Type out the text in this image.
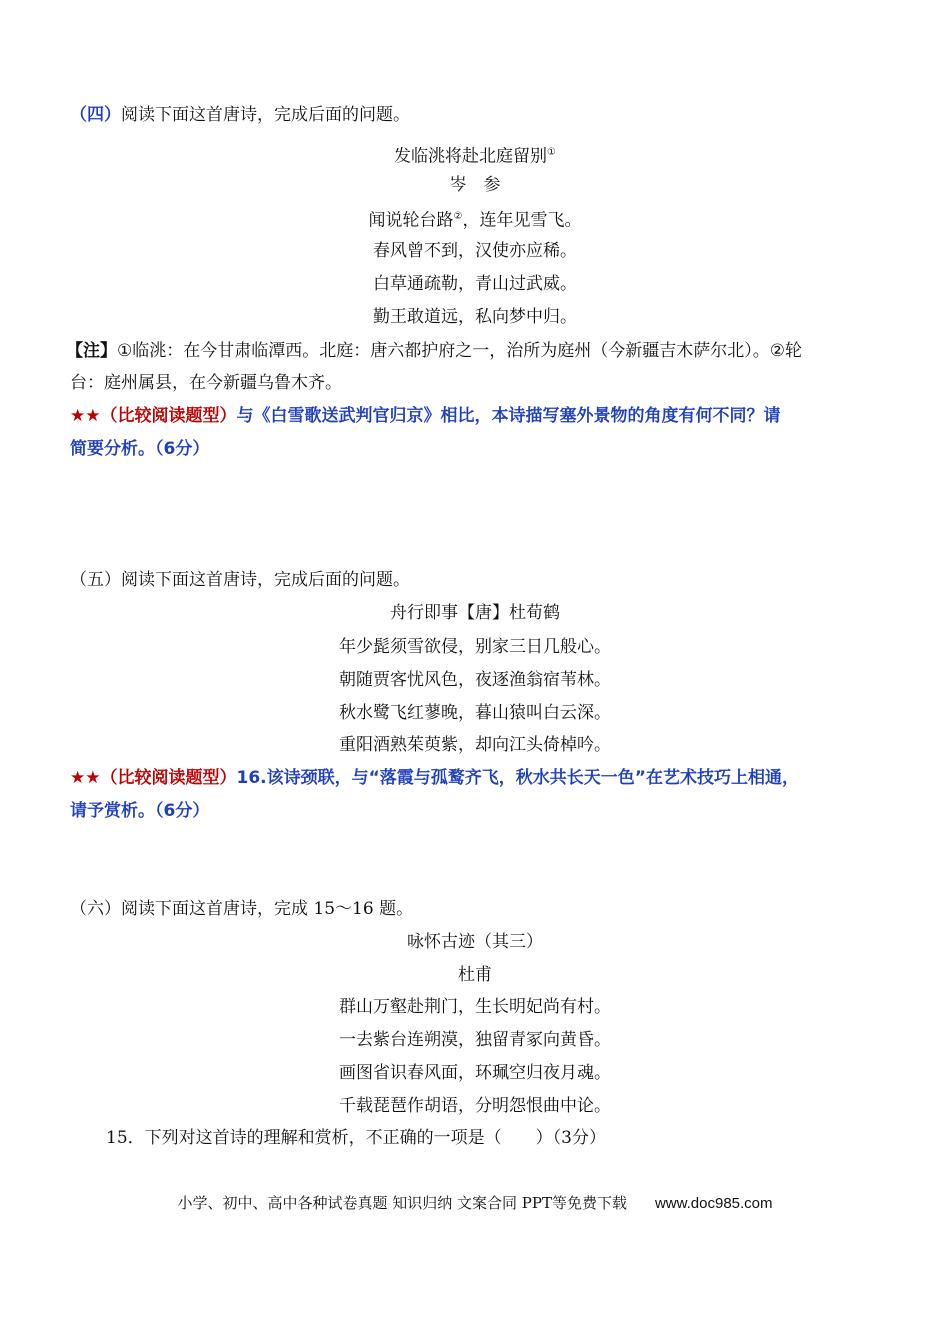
（四）阅读下面这首唐诗，完成后面的问题。
发临洮将赴北庭留别①
岑　参
闻说轮台路②，连年见雪飞。
春风曾不到，汉使亦应稀。
白草通疏勒，青山过武威。
勤王敢道远，私向梦中归。
【注】①临洮：在今甘肃临潭西。北庭：唐六都护府之一，治所为庭州（今新疆吉木萨尔北）。②轮
台：庭州属县，在今新疆乌鲁木齐。
★★（比较阅读题型）与《白雪歌送武判官归京》相比，本诗描写塞外景物的角度有何不同？请
简要分析。（6分）
（五）阅读下面这首唐诗，完成后面的问题。
舟行即事【唐】杜荀鹤
年少髭须雪欲侵，别家三日几般心。
朝随贾客忧风色，夜逐渔翁宿苇林。
秋水鹭飞红蓼晚，暮山猿叫白云深。
重阳酒熟茱萸紫，却向江头倚棹吟。
★★（比较阅读题型）16.该诗颈联，与“落霞与孤鹜齐飞，秋水共长天一色”在艺术技巧上相通，
请予赏析。（6分）
（六）阅读下面这首唐诗，完成 15～16 题。
咏怀古迹（其三）
杜甫
群山万壑赴荆门，生长明妃尚有村。
一去紫台连朔漠，独留青冢向黄昏。
画图省识春风面，环珮空归夜月魂。
千载琵琶作胡语，分明怨恨曲中论。
15．下列对这首诗的理解和赏析，不正确的一项是（　　）（3分）
小学、初中、高中各种试卷真题 知识归纳 文案合同 PPT等免费下载 www.doc985.com
